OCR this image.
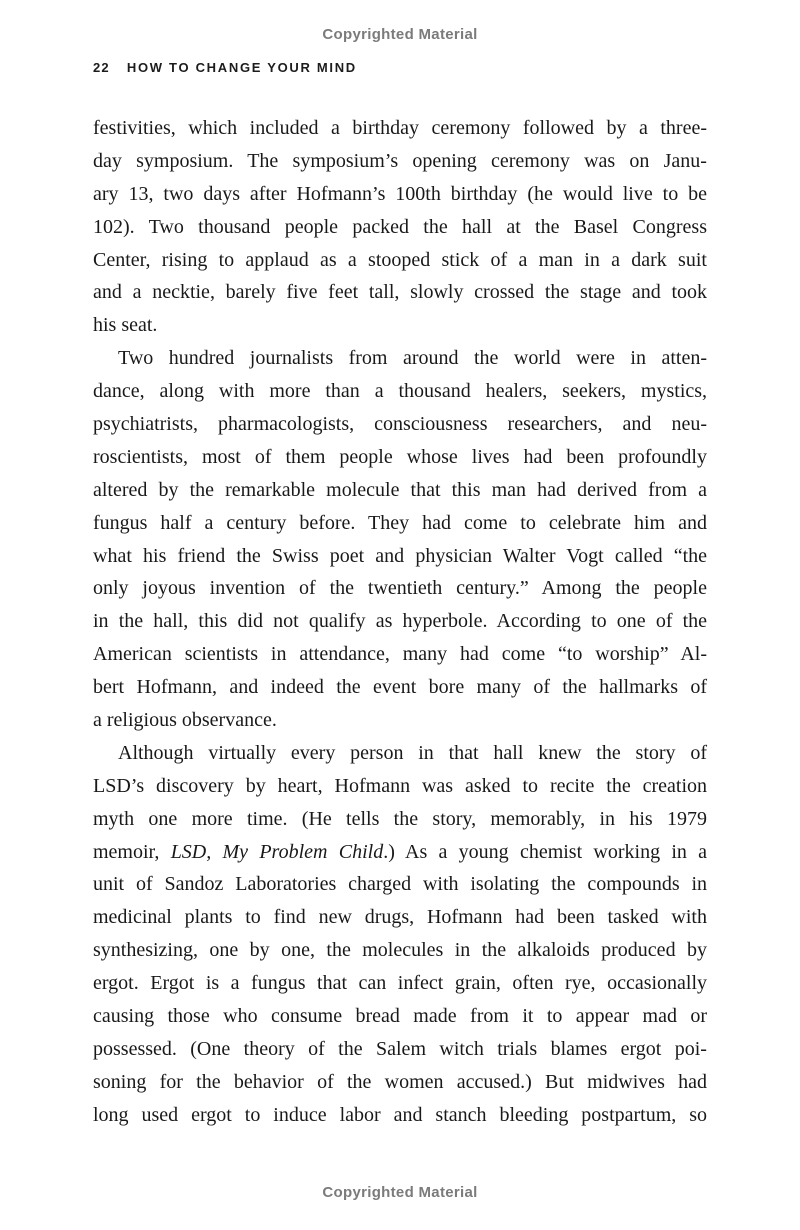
Copyrighted Material
22 HOW TO CHANGE YOUR MIND
festivities, which included a birthday ceremony followed by a three-
day symposium. The symposium’s opening ceremony was on Janu-
ary 13, two days after Hofmann’s 100th birthday (he would live to be
102). Two thousand people packed the hall at the Basel Congress
Center, rising to applaud as a stooped stick of a man in a dark suit
and a necktie, barely five feet tall, slowly crossed the stage and took
his seat.
Two hundred journalists from around the world were in atten-
dance, along with more than a thousand healers, seekers, mystics,
psychiatrists, pharmacologists, consciousness researchers, and neu-
roscientists, most of them people whose lives had been profoundly
altered by the remarkable molecule that this man had derived from a
fungus half a century before. They had come to celebrate him and
what his friend the Swiss poet and physician Walter Vogt called “the
only joyous invention of the twentieth century.” Among the people
in the hall, this did not qualify as hyperbole. According to one of the
American scientists in attendance, many had come “to worship” Al-
bert Hofmann, and indeed the event bore many of the hallmarks of
a religious observance.
Although virtually every person in that hall knew the story of
LSD’s discovery by heart, Hofmann was asked to recite the creation
myth one more time. (He tells the story, memorably, in his 1979
memoir, LSD, My Problem Child.) As a young chemist working in a
unit of Sandoz Laboratories charged with isolating the compounds in
medicinal plants to find new drugs, Hofmann had been tasked with
synthesizing, one by one, the molecules in the alkaloids produced by
ergot. Ergot is a fungus that can infect grain, often rye, occasionally
causing those who consume bread made from it to appear mad or
possessed. (One theory of the Salem witch trials blames ergot poi-
soning for the behavior of the women accused.) But midwives had
long used ergot to induce labor and stanch bleeding postpartum, so
Copyrighted Material
